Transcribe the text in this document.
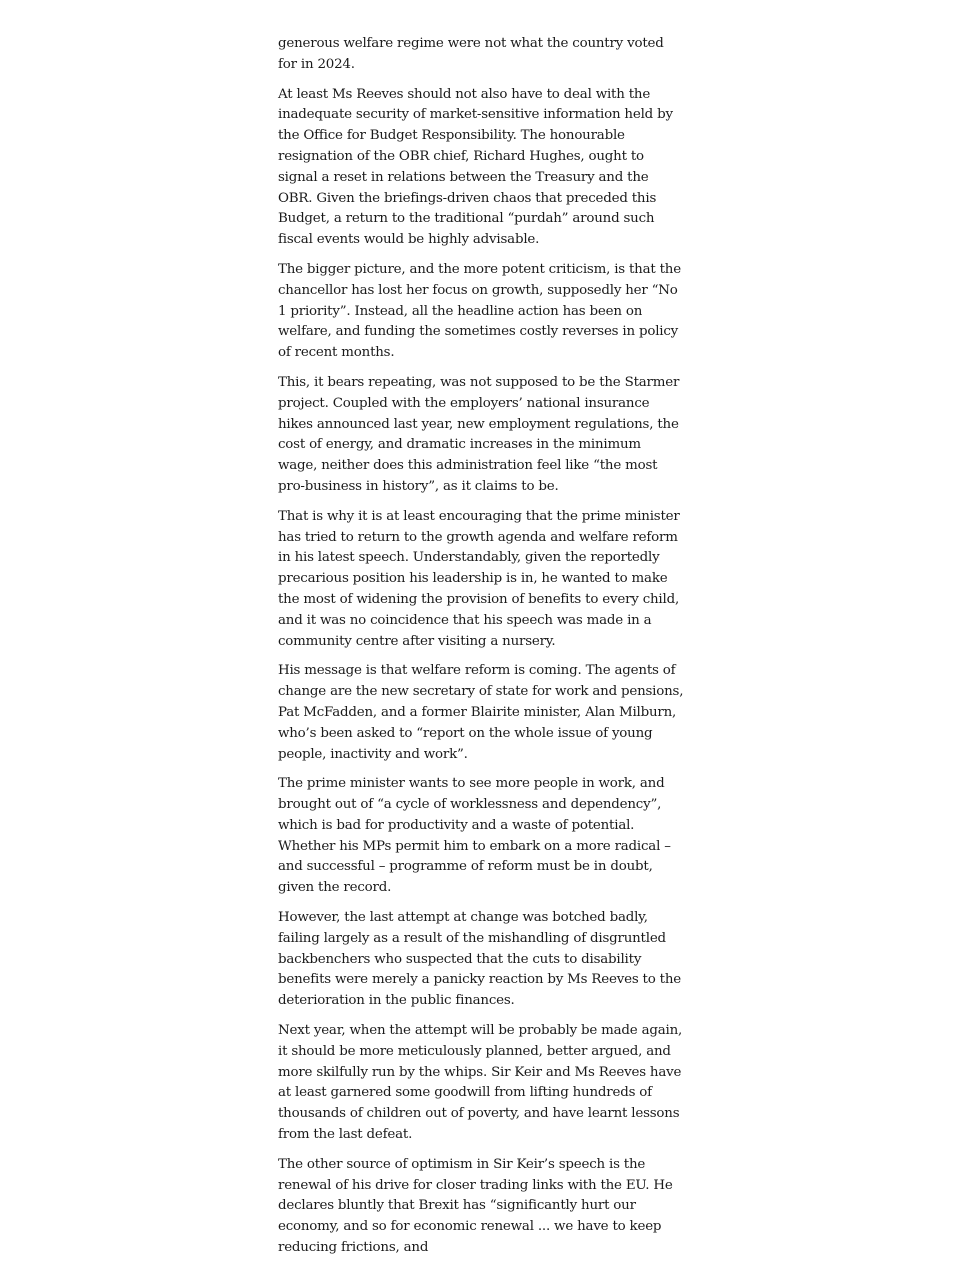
generous welfare regime were not what the country voted for in 2024.

At least Ms Reeves should not also have to deal with the inadequate security of market-sensitive information held by the Office for Budget Responsibility. The honourable resignation of the OBR chief, Richard Hughes, ought to signal a reset in relations between the Treasury and the OBR. Given the briefings-driven chaos that preceded this Budget, a return to the traditional “purdah” around such fiscal events would be highly advisable.

The bigger picture, and the more potent criticism, is that the chancellor has lost her focus on growth, supposedly her “No 1 priority”. Instead, all the headline action has been on welfare, and funding the sometimes costly reverses in policy of recent months.

This, it bears repeating, was not supposed to be the Starmer project. Coupled with the employers’ national insurance hikes announced last year, new employment regulations, the cost of energy, and dramatic increases in the minimum wage, neither does this administration feel like “the most pro-business in history”, as it claims to be.

That is why it is at least encouraging that the prime minister has tried to return to the growth agenda and welfare reform in his latest speech. Understandably, given the reportedly precarious position his leadership is in, he wanted to make the most of widening the provision of benefits to every child, and it was no coincidence that his speech was made in a community centre after visiting a nursery.

His message is that welfare reform is coming. The agents of change are the new secretary of state for work and pensions, Pat McFadden, and a former Blairite minister, Alan Milburn, who’s been asked to “report on the whole issue of young people, inactivity and work”.

The prime minister wants to see more people in work, and brought out of “a cycle of worklessness and dependency”, which is bad for productivity and a waste of potential. Whether his MPs permit him to embark on a more radical – and successful – programme of reform must be in doubt, given the record.

However, the last attempt at change was botched badly, failing largely as a result of the mishandling of disgruntled backbenchers who suspected that the cuts to disability benefits were merely a panicky reaction by Ms Reeves to the deterioration in the public finances.

Next year, when the attempt will be probably be made again, it should be more meticulously planned, better argued, and more skilfully run by the whips. Sir Keir and Ms Reeves have at least garnered some goodwill from lifting hundreds of thousands of children out of poverty, and have learnt lessons from the last defeat.

The other source of optimism in Sir Keir’s speech is the renewal of his drive for closer trading links with the EU. He declares bluntly that Brexit has “significantly hurt our economy, and so for economic renewal ... we have to keep reducing frictions, and
